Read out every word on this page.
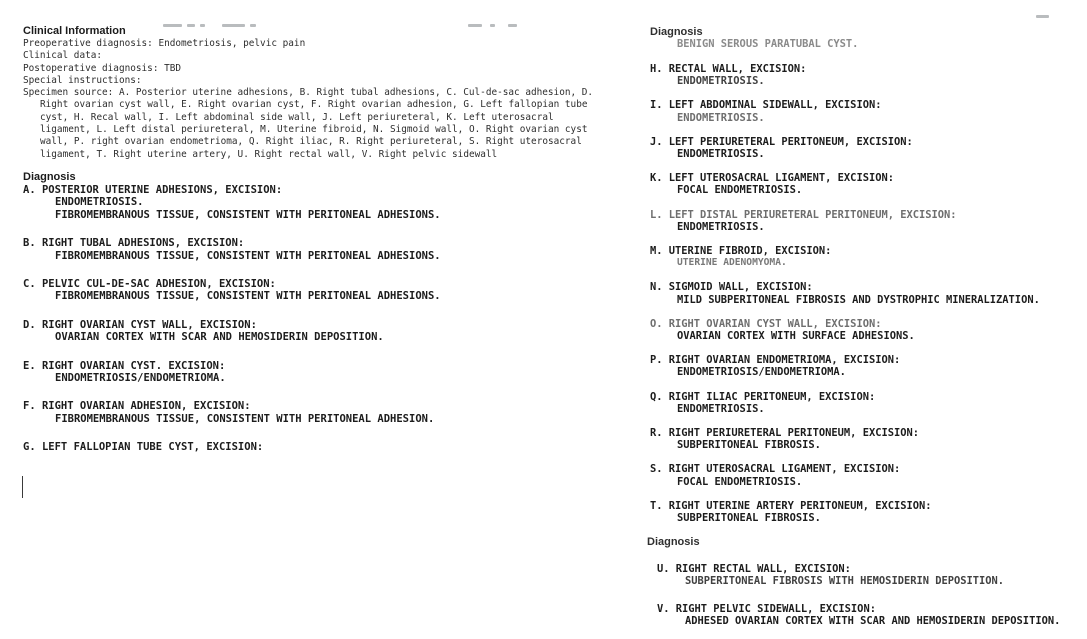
Clinical Information
Preoperative diagnosis: Endometriosis, pelvic pain
Clinical data:
Postoperative diagnosis: TBD
Special instructions:
Specimen source: A. Posterior uterine adhesions, B. Right tubal adhesions, C. Cul-de-sac adhesion, D.
Right ovarian cyst wall, E. Right ovarian cyst, F. Right ovarian adhesion, G. Left fallopian tube
cyst, H. Recal wall, I. Left abdominal side wall, J. Left periureteral, K. Left uterosacral
ligament, L. Left distal periureteral, M. Uterine fibroid, N. Sigmoid wall, O. Right ovarian cyst
wall, P. right ovarian endometrioma, Q. Right iliac, R. Right periureteral, S. Right uterosacral
ligament, T. Right uterine artery, U. Right rectal wall, V. Right pelvic sidewall
Diagnosis
A. POSTERIOR UTERINE ADHESIONS, EXCISION:
ENDOMETRIOSIS.
FIBROMEMBRANOUS TISSUE, CONSISTENT WITH PERITONEAL ADHESIONS.
B. RIGHT TUBAL ADHESIONS, EXCISION:
FIBROMEMBRANOUS TISSUE, CONSISTENT WITH PERITONEAL ADHESIONS.
C. PELVIC CUL-DE-SAC ADHESION, EXCISION:
FIBROMEMBRANOUS TISSUE, CONSISTENT WITH PERITONEAL ADHESIONS.
D. RIGHT OVARIAN CYST WALL, EXCISION:
OVARIAN CORTEX WITH SCAR AND HEMOSIDERIN DEPOSITION.
E. RIGHT OVARIAN CYST. EXCISION:
ENDOMETRIOSIS/ENDOMETRIOMA.
F. RIGHT OVARIAN ADHESION, EXCISION:
FIBROMEMBRANOUS TISSUE, CONSISTENT WITH PERITONEAL ADHESION.
G. LEFT FALLOPIAN TUBE CYST, EXCISION:
Diagnosis
BENIGN SEROUS PARATUBAL CYST.
H. RECTAL WALL, EXCISION:
ENDOMETRIOSIS.
I. LEFT ABDOMINAL SIDEWALL, EXCISION:
ENDOMETRIOSIS.
J. LEFT PERIURETERAL PERITONEUM, EXCISION:
ENDOMETRIOSIS.
K. LEFT UTEROSACRAL LIGAMENT, EXCISION:
FOCAL ENDOMETRIOSIS.
L. LEFT DISTAL PERIURETERAL PERITONEUM, EXCISION:
ENDOMETRIOSIS.
M. UTERINE FIBROID, EXCISION:
UTERINE ADENOMYOMA.
N. SIGMOID WALL, EXCISION:
MILD SUBPERITONEAL FIBROSIS AND DYSTROPHIC MINERALIZATION.
O. RIGHT OVARIAN CYST WALL, EXCISION:
OVARIAN CORTEX WITH SURFACE ADHESIONS.
P. RIGHT OVARIAN ENDOMETRIOMA, EXCISION:
ENDOMETRIOSIS/ENDOMETRIOMA.
Q. RIGHT ILIAC PERITONEUM, EXCISION:
ENDOMETRIOSIS.
R. RIGHT PERIURETERAL PERITONEUM, EXCISION:
SUBPERITONEAL FIBROSIS.
S. RIGHT UTEROSACRAL LIGAMENT, EXCISION:
FOCAL ENDOMETRIOSIS.
T. RIGHT UTERINE ARTERY PERITONEUM, EXCISION:
SUBPERITONEAL FIBROSIS.
Diagnosis
U. RIGHT RECTAL WALL, EXCISION:
SUBPERITONEAL FIBROSIS WITH HEMOSIDERIN DEPOSITION.
V. RIGHT PELVIC SIDEWALL, EXCISION:
ADHESED OVARIAN CORTEX WITH SCAR AND HEMOSIDERIN DEPOSITION.
